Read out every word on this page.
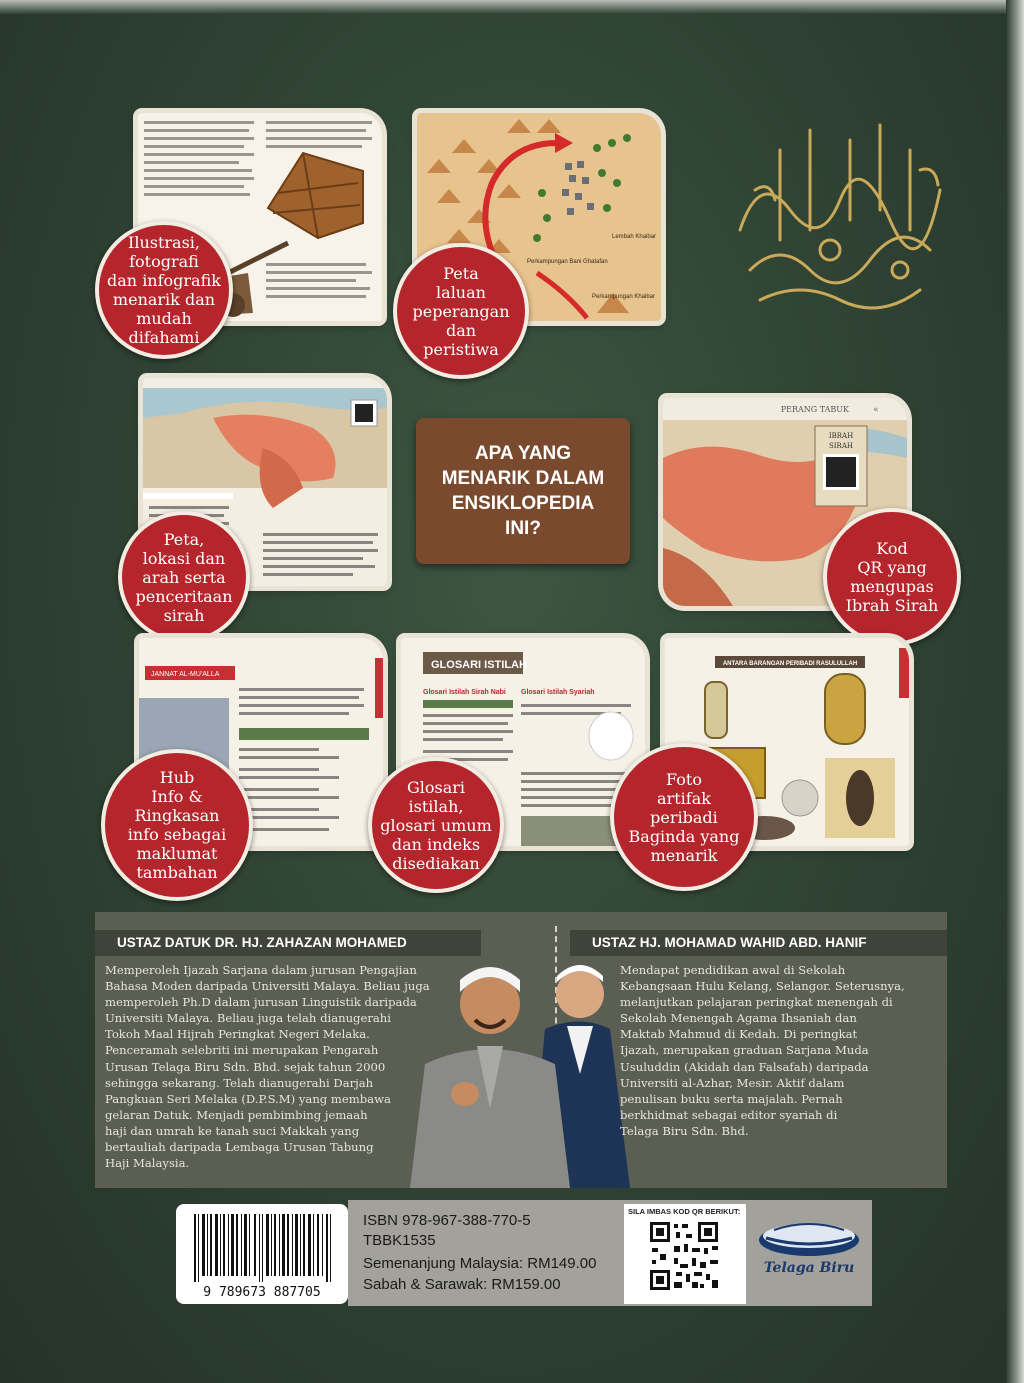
Ilustrasi,
fotografi
dan infografik
menarik dan
mudah
difahami
Lembah Khaibar
Perkampungan Bani Ghatafan
Perkampungan Khaibar
Peta
laluan
peperangan
dan
peristiwa
Peta,
lokasi dan
arah serta
penceritaan
sirah
APA YANG
MENARIK DALAM
ENSIKLOPEDIA INI?
IBRAH
SIRAH
PERANG TABUK	«
Kod
QR yang
mengupas
Ibrah Sirah
JANNAT AL-MU'ALLA
Hub
Info &
Ringkasan
info sebagai
maklumat
tambahan
GLOSARI ISTILAH
Glosari Istilah Sirah Nabi Glosari Istilah Syariah
Glosari
istilah,
glosari umum
dan indeks
disediakan
ANTARA BARANGAN PERIBADI RASULULLAH
Foto
artifak
peribadi
Baginda yang
menarik
USTAZ DATUK DR. HJ. ZAHAZAN MOHAMED	USTAZ HJ. MOHAMAD WAHID ABD. HANIF
Memperoleh Ijazah Sarjana dalam jurusan Pengajian
Bahasa Moden daripada Universiti Malaya. Beliau juga
memperoleh Ph.D dalam jurusan Linguistik daripada
Universiti Malaya. Beliau juga telah dianugerahi
Tokoh Maal Hijrah Peringkat Negeri Melaka.
Penceramah selebriti ini merupakan Pengarah
Urusan Telaga Biru Sdn. Bhd. sejak tahun 2000
sehingga sekarang. Telah dianugerahi Darjah
Pangkuan Seri Melaka (D.P.S.M) yang membawa
gelaran Datuk. Menjadi pembimbing jemaah
haji dan umrah ke tanah suci Makkah yang
bertauliah daripada Lembaga Urusan Tabung
Haji Malaysia.
Mendapat pendidikan awal di Sekolah
Kebangsaan Hulu Kelang, Selangor. Seterusnya,
melanjutkan pelajaran peringkat menengah di
Sekolah Menengah Agama Ihsaniah dan
Maktab Mahmud di Kedah. Di peringkat
Ijazah, merupakan graduan Sarjana Muda
Usuluddin (Akidah dan Falsafah) daripada
Universiti al-Azhar, Mesir. Aktif dalam
penulisan buku serta majalah. Pernah
berkhidmat sebagai editor syariah di
Telaga Biru Sdn. Bhd.
ISBN 978-967-388-770-5
TBBK1535
Semenanjung Malaysia: RM149.00
Sabah & Sarawak: RM159.00
9 789673 887705
SILA IMBAS KOD QR BERIKUT:
Telaga Biru
